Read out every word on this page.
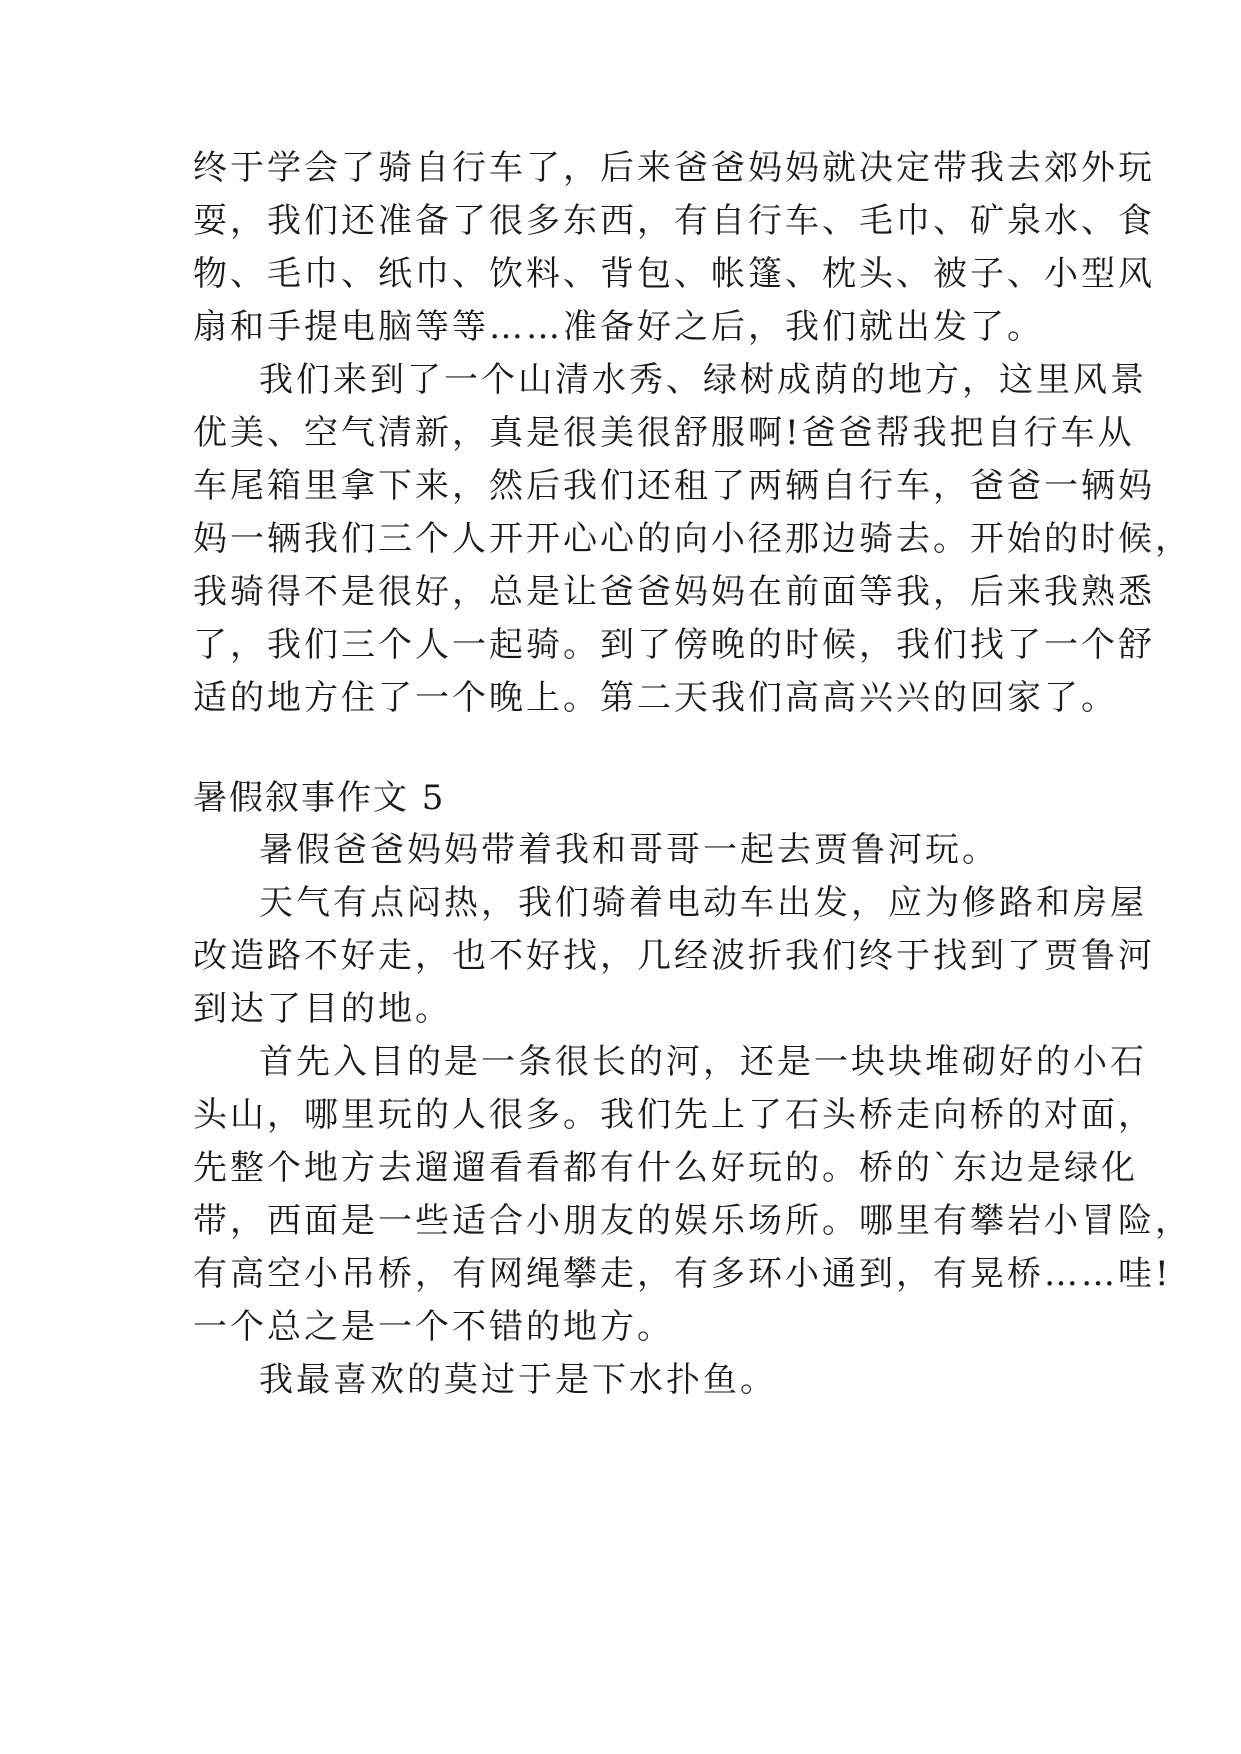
终于学会了骑自行车了，后来爸爸妈妈就决定带我去郊外玩
耍，我们还准备了很多东西，有自行车、毛巾、矿泉水、食
物、毛巾、纸巾、饮料、背包、帐篷、枕头、被子、小型风
扇和手提电脑等等……准备好之后，我们就出发了。
我们来到了一个山清水秀、绿树成荫的地方，这里风景
优美、空气清新，真是很美很舒服啊!爸爸帮我把自行车从
车尾箱里拿下来，然后我们还租了两辆自行车，爸爸一辆妈
妈一辆我们三个人开开心心的向小径那边骑去。开始的时候，
我骑得不是很好，总是让爸爸妈妈在前面等我，后来我熟悉
了，我们三个人一起骑。到了傍晚的时候，我们找了一个舒
适的地方住了一个晚上。第二天我们高高兴兴的回家了。
暑假叙事作文 5
暑假爸爸妈妈带着我和哥哥一起去贾鲁河玩。
天气有点闷热，我们骑着电动车出发，应为修路和房屋
改造路不好走，也不好找，几经波折我们终于找到了贾鲁河
到达了目的地。
首先入目的是一条很长的河，还是一块块堆砌好的小石
头山，哪里玩的人很多。我们先上了石头桥走向桥的对面，
先整个地方去遛遛看看都有什么好玩的。桥的`东边是绿化
带，西面是一些适合小朋友的娱乐场所。哪里有攀岩小冒险，
有高空小吊桥，有网绳攀走，有多环小通到，有晃桥……哇!
一个总之是一个不错的地方。
我最喜欢的莫过于是下水扑鱼。
